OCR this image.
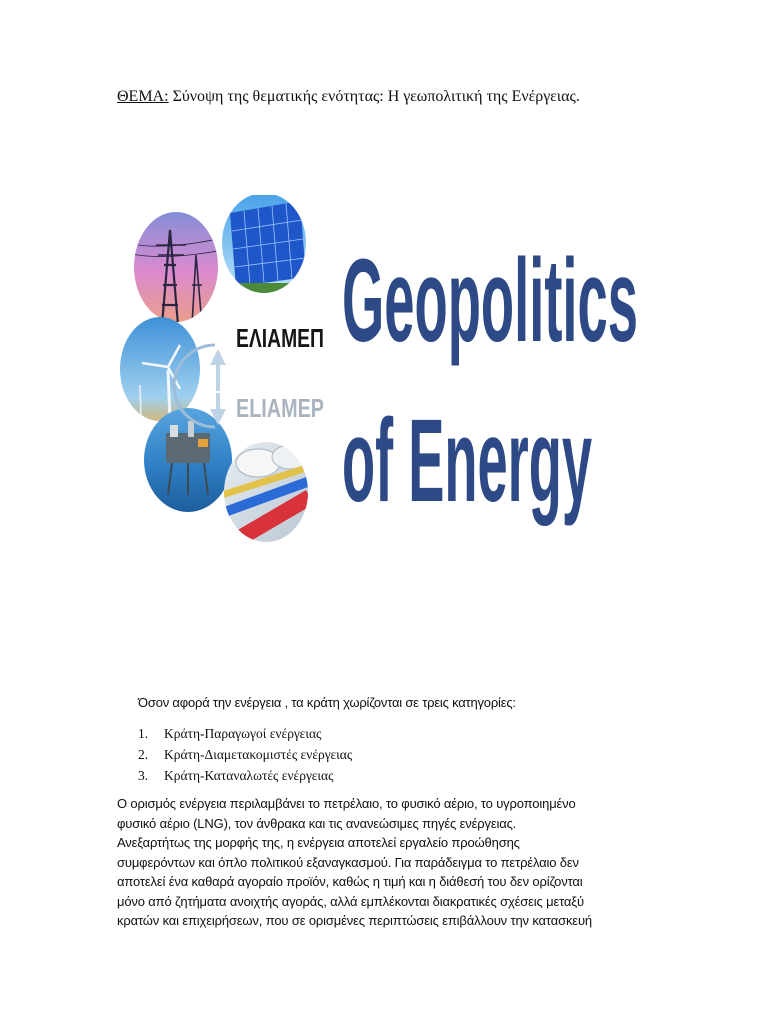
ΘΕΜΑ: Σύνοψη της θεματικής ενότητας: Η γεωπολιτική της Ενέργειας.
ΕΛΙΑΜΕΠ
ELIAMEP
Geopolitics
of Energy
Όσον αφορά την ενέργεια , τα κράτη χωρίζονται σε τρεις κατηγορίες:
1. Κράτη-Παραγωγοί ενέργειας
2. Κράτη-Διαμετακομιστές ενέργειας
3. Κράτη-Καταναλωτές ενέργειας
Ο ορισμός ενέργεια περιλαμβάνει το πετρέλαιο, το φυσικό αέριο, το υγροποιημένο
φυσικό αέριο (LNG), τον άνθρακα και τις ανανεώσιμες πηγές ενέργειας.
Ανεξαρτήτως της μορφής της, η ενέργεια αποτελεί εργαλείο προώθησης
συμφερόντων και όπλο πολιτικού εξαναγκασμού. Για παράδειγμα το πετρέλαιο δεν
αποτελεί ένα καθαρά αγοραίο προϊόν, καθώς η τιμή και η διάθεσή του δεν ορίζονται
μόνο από ζητήματα ανοιχτής αγοράς, αλλά εμπλέκονται διακρατικές σχέσεις μεταξύ
κρατών και επιχειρήσεων, που σε ορισμένες περιπτώσεις επιβάλλουν την κατασκευή
